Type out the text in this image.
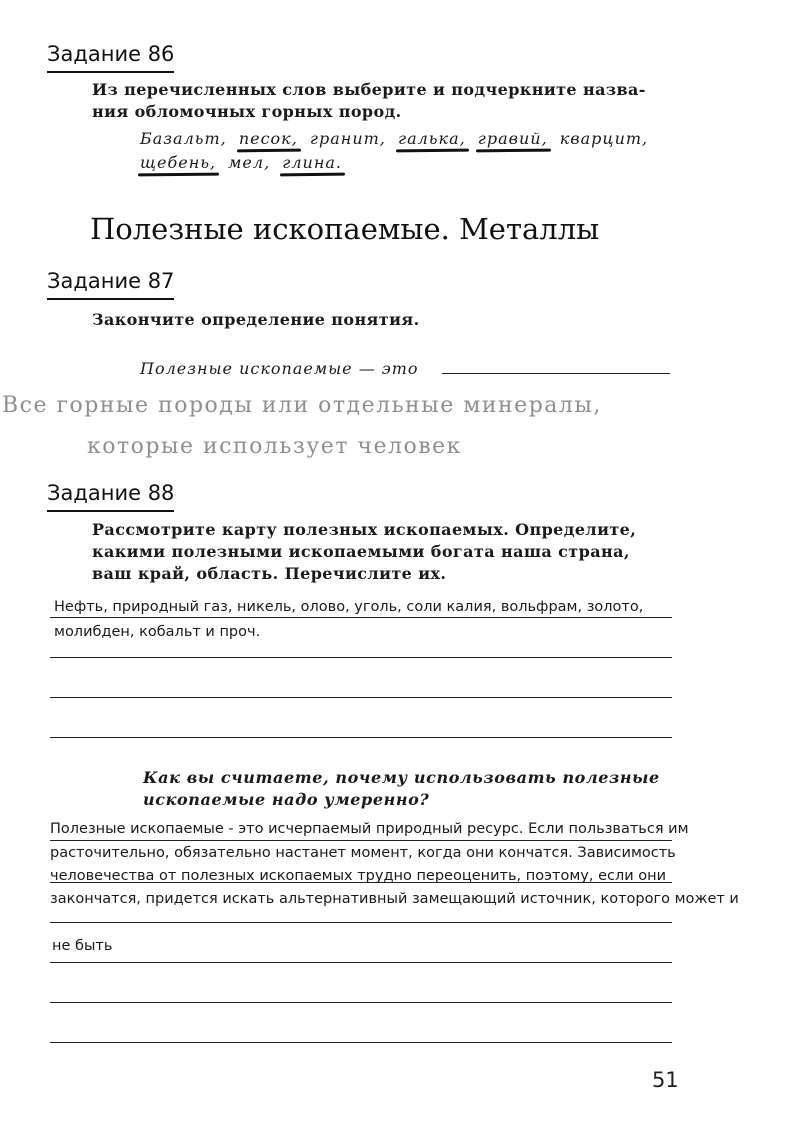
Задание 86
Из перечисленных слов выберите и подчеркните назва-
ния обломочных горных пород.
Базальт, песок, гранит, галька, гравий, кварцит,
щебень, мел, глина.
Полезные ископаемые. Металлы
Задание 87
Закончите определение понятия.
Полезные ископаемые — это
Все горные породы или отдельные минералы,
которые использует человек
Задание 88
Рассмотрите карту полезных ископаемых. Определите,
какими полезными ископаемыми богата наша страна,
ваш край, область. Перечислите их.
Нефть, природный газ, никель, олово, уголь, соли калия, вольфрам, золото,
молибден, кобальт и проч.
Как вы считаете, почему использовать полезные
ископаемые надо умеренно?
Полезные ископаемые - это исчерпаемый природный ресурс. Если пользваться им
расточительно, обязательно настанет момент, когда они кончатся. Зависимость
человечества от полезных ископаемых трудно переоценить, поэтому, если они
закончатся, придется искать альтернативный замещающий источник, которого может и
не быть
51
